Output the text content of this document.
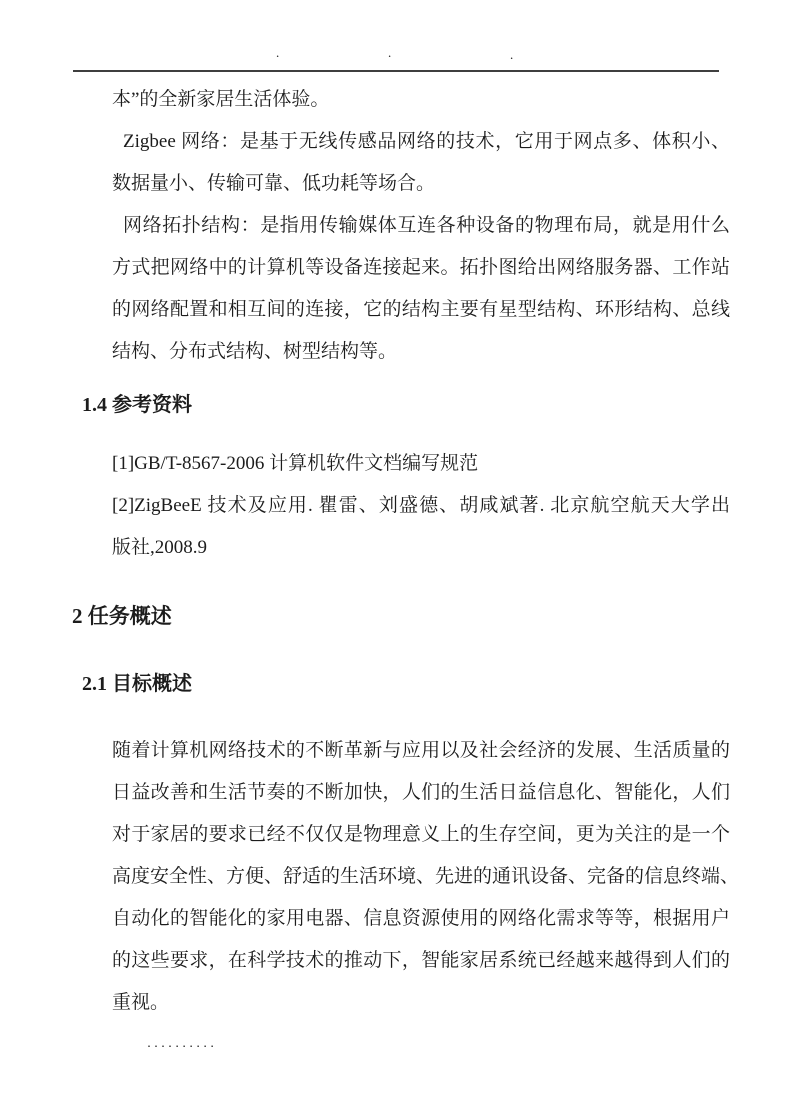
.	.	.
本”的全新家居生活体验。
Zigbee 网络：是基于无线传感品网络的技术，它用于网点多、体积小、
数据量小、传输可靠、低功耗等场合。
网络拓扑结构：是指用传输媒体互连各种设备的物理布局，就是用什么
方式把网络中的计算机等设备连接起来。拓扑图给出网络服务器、工作站
的网络配置和相互间的连接，它的结构主要有星型结构、环形结构、总线
结构、分布式结构、树型结构等。
1.4 参考资料
[1]GB/T-8567-2006 计算机软件文档编写规范
[2]ZigBeeE 技术及应用. 瞿雷、刘盛德、胡咸斌著. 北京航空航天大学出
版社,2008.9
2 任务概述
2.1 目标概述
随着计算机网络技术的不断革新与应用以及社会经济的发展、生活质量的
日益改善和生活节奏的不断加快，人们的生活日益信息化、智能化，人们
对于家居的要求已经不仅仅是物理意义上的生存空间，更为关注的是一个
高度安全性、方便、舒适的生活环境、先进的通讯设备、完备的信息终端、
自动化的智能化的家用电器、信息资源使用的网络化需求等等，根据用户
的这些要求，在科学技术的推动下，智能家居系统已经越来越得到人们的
重视。
..........
